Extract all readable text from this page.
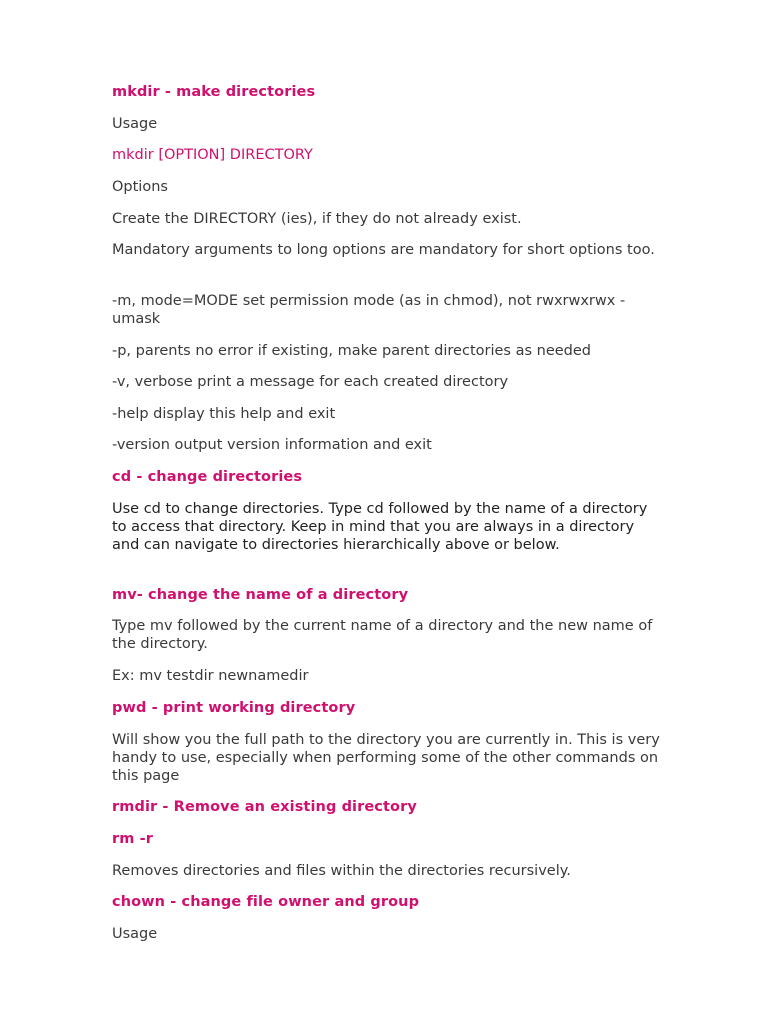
mkdir - make directories
Usage
mkdir [OPTION] DIRECTORY
Options
Create the DIRECTORY (ies), if they do not already exist.
Mandatory arguments to long options are mandatory for short options too.
-m, mode=MODE set permission mode (as in chmod), not rwxrwxrwx - umask
-p, parents no error if existing, make parent directories as needed
-v, verbose print a message for each created directory
-help display this help and exit
-version output version information and exit
cd - change directories
Use cd to change directories. Type cd followed by the name of a directory to access that directory. Keep in mind that you are always in a directory and can navigate to directories hierarchically above or below.
mv- change the name of a directory
Type mv followed by the current name of a directory and the new name of the directory.
Ex: mv testdir newnamedir
pwd - print working directory
Will show you the full path to the directory you are currently in. This is very handy to use, especially when performing some of the other commands on this page
rmdir - Remove an existing directory
rm -r
Removes directories and files within the directories recursively.
chown - change file owner and group
Usage
